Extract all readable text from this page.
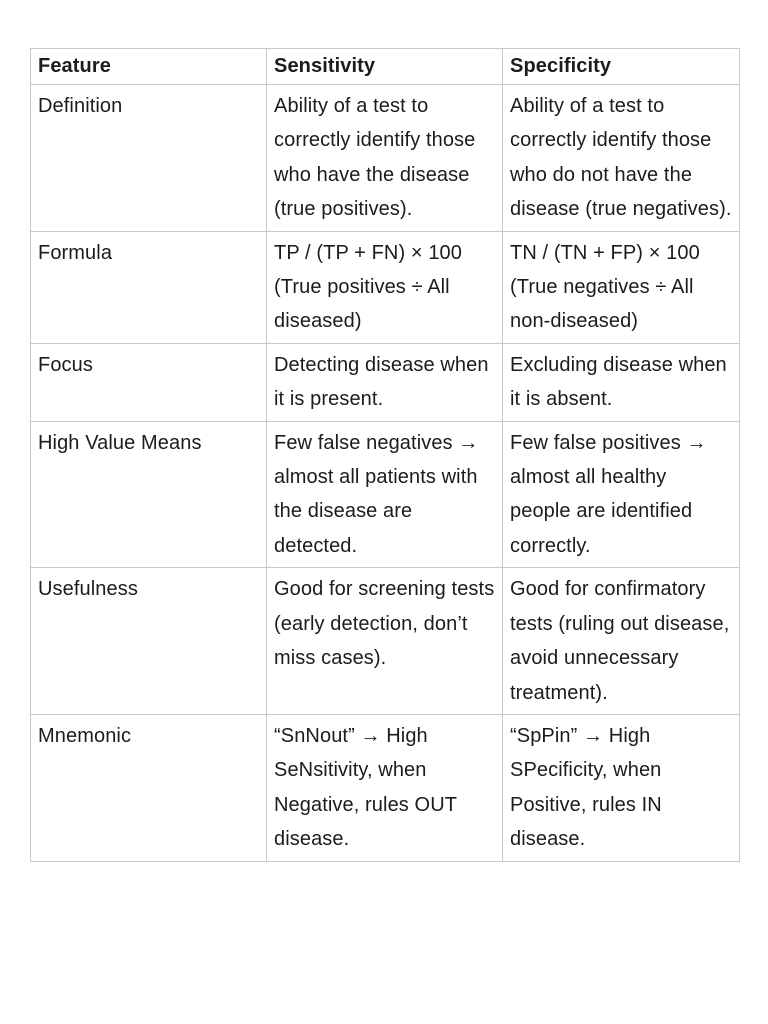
Feature	Sensitivity	Specificity
Definition	Ability of a test to correctly identify those who have the disease (true positives).	Ability of a test to correctly identify those who do not have the disease (true negatives).
Formula	TP / (TP + FN) × 100 (True positives ÷ All diseased)	TN / (TN + FP) × 100 (True negatives ÷ All non-diseased)
Focus	Detecting disease when it is present.	Excluding disease when it is absent.
High Value Means	Few false negatives → almost all patients with the disease are detected.	Few false positives → almost all healthy people are identified correctly.
Usefulness	Good for screening tests (early detection, don’t miss cases).	Good for confirmatory tests (ruling out disease, avoid unnecessary treatment).
Mnemonic	“SnNout” → High SeNsitivity, when Negative, rules OUT disease.	“SpPin” → High SPecificity, when Positive, rules IN disease.
